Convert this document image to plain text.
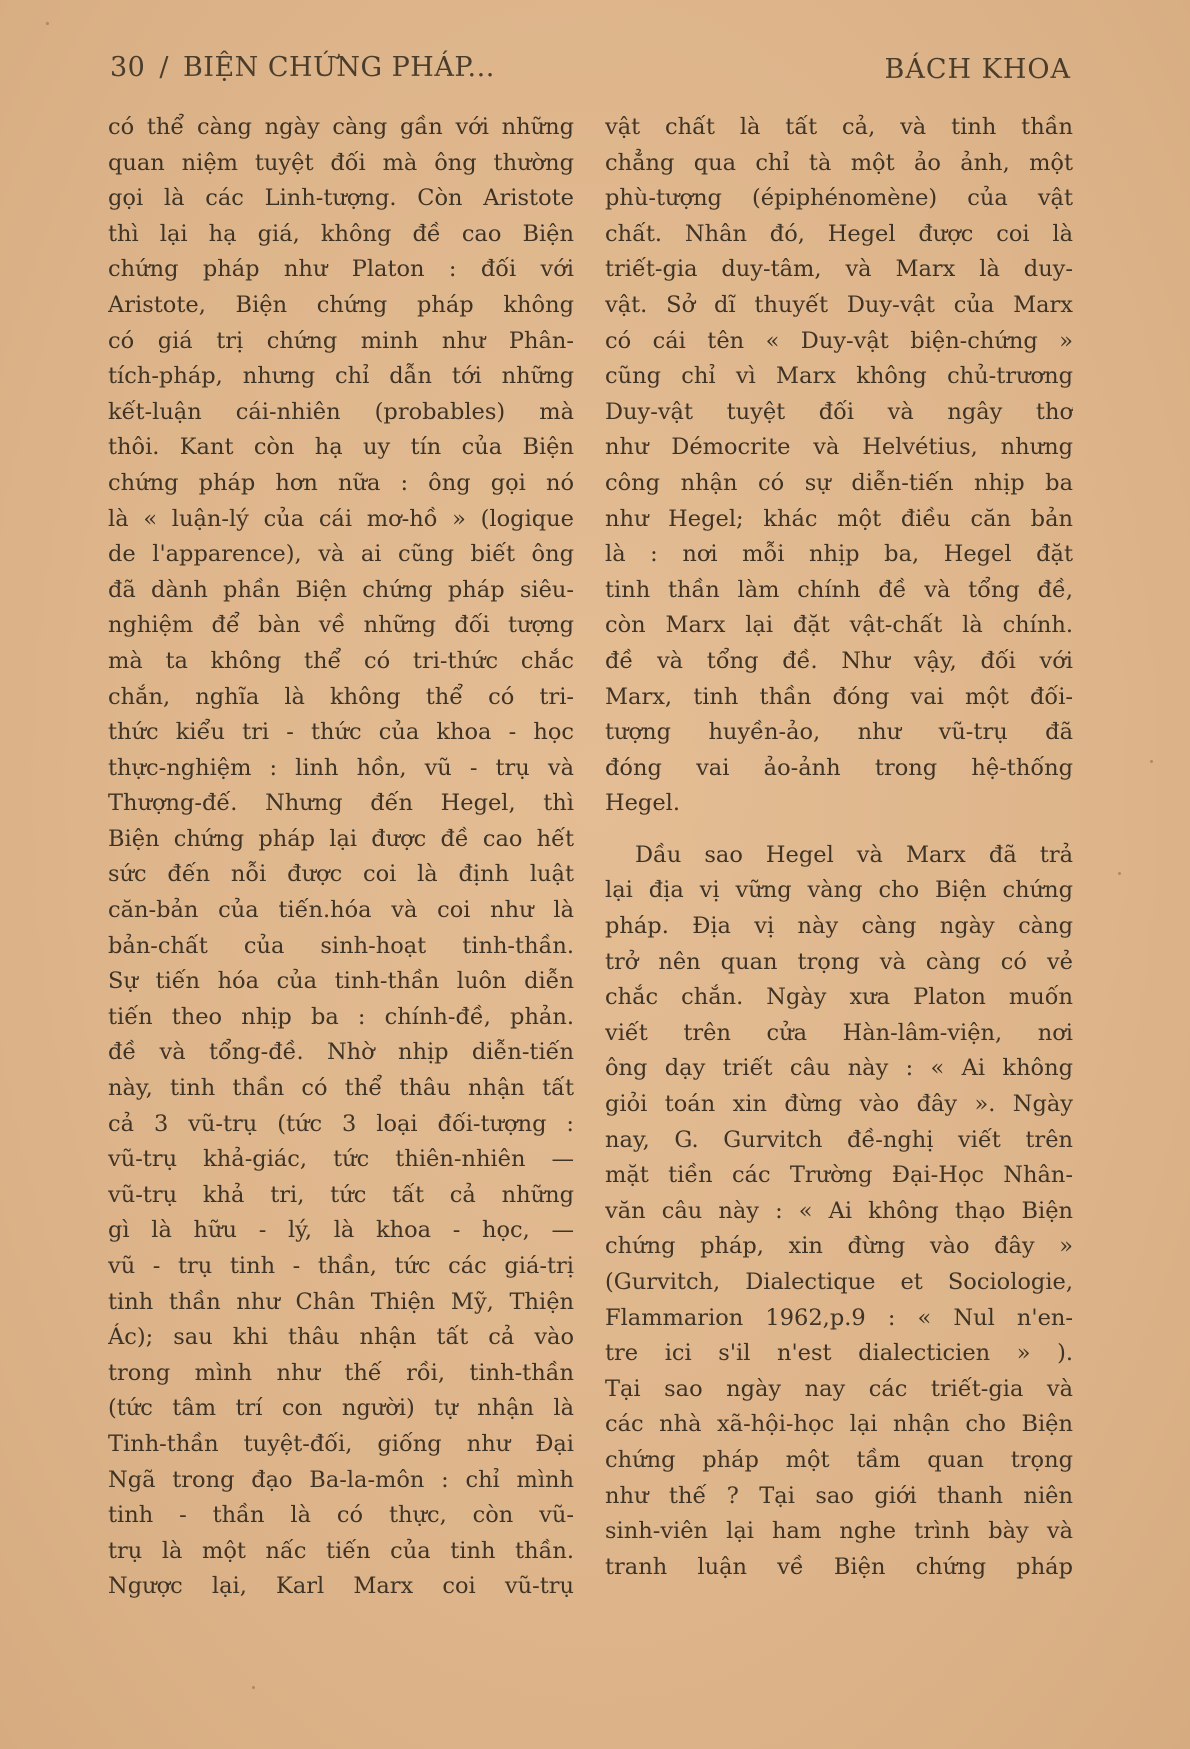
30 / BIỆN CHỨNG PHÁP...	BÁCH KHOA
có thể càng ngày càng gần với những
quan niệm tuyệt đối mà ông thường
gọi là các Linh-tượng. Còn Aristote
thì lại hạ giá, không đề cao Biện
chứng pháp như Platon : đối với
Aristote, Biện chứng pháp không
có giá trị chứng minh như Phân-
tích-pháp, nhưng chỉ dẫn tới những
kết-luận cái-nhiên (probables) mà
thôi. Kant còn hạ uy tín của Biện
chứng pháp hơn nữa : ông gọi nó
là « luận-lý của cái mơ-hồ » (logique
de l'apparence), và ai cũng biết ông
đã dành phần Biện chứng pháp siêu-
nghiệm để bàn về những đối tượng
mà ta không thể có tri-thức chắc
chắn, nghĩa là không thể có tri-
thức kiểu tri - thức của khoa - học
thực-nghiệm : linh hồn, vũ - trụ và
Thượng-đế. Nhưng đến Hegel, thì
Biện chứng pháp lại được đề cao hết
sức đến nỗi được coi là định luật
căn-bản của tiến.hóa và coi như là
bản-chất của sinh-hoạt tinh-thần.
Sự tiến hóa của tinh-thần luôn diễn
tiến theo nhịp ba : chính-đề, phản.
đề và tổng-đề. Nhờ nhịp diễn-tiến
này, tinh thần có thể thâu nhận tất
cả 3 vũ-trụ (tức 3 loại đối-tượng :
vũ-trụ khả-giác, tức thiên-nhiên —
vũ-trụ khả tri, tức tất cả những
gì là hữu - lý, là khoa - học, —
vũ - trụ tinh - thần, tức các giá-trị
tinh thần như Chân Thiện Mỹ, Thiện
Ác); sau khi thâu nhận tất cả vào
trong mình như thế rồi, tinh-thần
(tức tâm trí con người) tự nhận là
Tinh-thần tuyệt-đối, giống như Đại
Ngã trong đạo Ba-la-môn : chỉ mình
tinh - thần là có thực, còn vũ-
trụ là một nấc tiến của tinh thần.
Ngược lại, Karl Marx coi vũ-trụ
vật chất là tất cả, và tinh thần
chẳng qua chỉ tà một ảo ảnh, một
phù-tượng (épiphénomène) của vật
chất. Nhân đó, Hegel được coi là
triết-gia duy-tâm, và Marx là duy-
vật. Sở dĩ thuyết Duy-vật của Marx
có cái tên « Duy-vật biện-chứng »
cũng chỉ vì Marx không chủ-trương
Duy-vật tuyệt đối và ngây thơ
như Démocrite và Helvétius, nhưng
công nhận có sự diễn-tiến nhịp ba
như Hegel; khác một điều căn bản
là : nơi mỗi nhịp ba, Hegel đặt
tinh thần làm chính đề và tổng đề,
còn Marx lại đặt vật-chất là chính.
đề và tổng đề. Như vậy, đối với
Marx, tinh thần đóng vai một đối-
tượng huyền-ảo, như vũ-trụ đã
đóng vai ảo-ảnh trong hệ-thống
Hegel.
Dầu sao Hegel và Marx đã trả
lại địa vị vững vàng cho Biện chứng
pháp. Địa vị này càng ngày càng
trở nên quan trọng và càng có vẻ
chắc chắn. Ngày xưa Platon muốn
viết trên cửa Hàn-lâm-viện, nơi
ông dạy triết câu này : « Ai không
giỏi toán xin đừng vào đây ». Ngày
nay, G. Gurvitch đề-nghị viết trên
mặt tiền các Trường Đại-Học Nhân-
văn câu này : « Ai không thạo Biện
chứng pháp, xin đừng vào đây »
(Gurvitch, Dialectique et Sociologie,
Flammarion 1962,p.9 : « Nul n'en-
tre ici s'il n'est dialecticien » ).
Tại sao ngày nay các triết-gia và
các nhà xã-hội-học lại nhận cho Biện
chứng pháp một tầm quan trọng
như thế ? Tại sao giới thanh niên
sinh-viên lại ham nghe trình bày và
tranh luận về Biện chứng pháp
